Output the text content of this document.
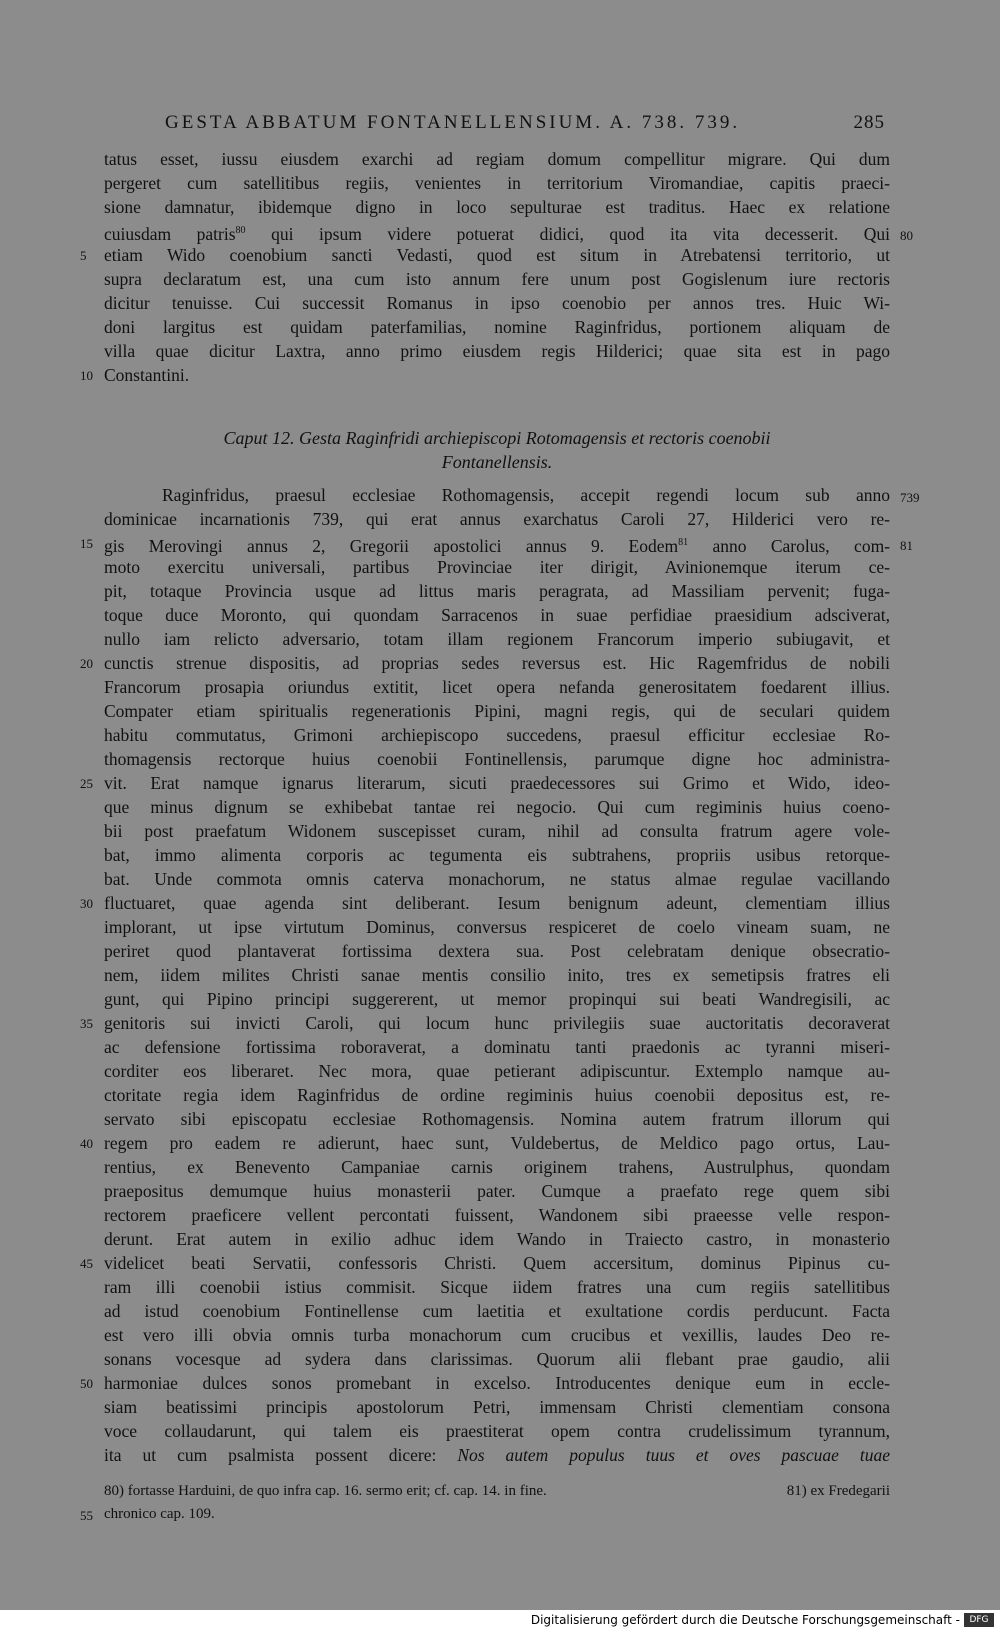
GESTA ABBATUM FONTANELLENSIUM. A. 738. 739.	285
tatus esset, iussu eiusdem exarchi ad regiam domum compellitur migrare. Qui dum
pergeret cum satellitibus regiis, venientes in territorium Viromandiae, capitis praeci-
sione damnatur, ibidemque digno in loco sepulturae est traditus. Haec ex relatione
cuiusdam patris$^{80}$ qui ipsum videre potuerat didici, quod ita vita decesserit. Qui
etiam Wido coenobium sancti Vedasti, quod est situm in Atrebatensi territorio, ut
supra declaratum est, una cum isto annum fere unum post Gogislenum iure rectoris
dicitur tenuisse. Cui successit Romanus in ipso coenobio per annos tres. Huic Wi-
doni largitus est quidam paterfamilias, nomine Raginfridus, portionem aliquam de
villa quae dicitur Laxtra, anno primo eiusdem regis Hilderici; quae sita est in pago
Constantini.
Caput 12. Gesta Raginfridi archiepiscopi Rotomagensis et rectoris coenobii
Fontanellensis.
Raginfridus, praesul ecclesiae Rothomagensis, accepit regendi locum sub anno
dominicae incarnationis 739, qui erat annus exarchatus Caroli 27, Hilderici vero re-
gis Merovingi annus 2, Gregorii apostolici annus 9. Eodem$^{81}$ anno Carolus, com-
moto exercitu universali, partibus Provinciae iter dirigit, Avinionemque iterum ce-
pit, totaque Provincia usque ad littus maris peragrata, ad Massiliam pervenit; fuga-
toque duce Moronto, qui quondam Sarracenos in suae perfidiae praesidium adsciverat,
nullo iam relicto adversario, totam illam regionem Francorum imperio subiugavit, et
cunctis strenue dispositis, ad proprias sedes reversus est. Hic Ragemfridus de nobili
Francorum prosapia oriundus extitit, licet opera nefanda generositatem foedarent illius.
Compater etiam spiritualis regenerationis Pipini, magni regis, qui de seculari quidem
habitu commutatus, Grimoni archiepiscopo succedens, praesul efficitur ecclesiae Ro-
thomagensis rectorque huius coenobii Fontinellensis, parumque digne hoc administra-
vit. Erat namque ignarus literarum, sicuti praedecessores sui Grimo et Wido, ideo-
que minus dignum se exhibebat tantae rei negocio. Qui cum regiminis huius coeno-
bii post praefatum Widonem suscepisset curam, nihil ad consulta fratrum agere vole-
bat, immo alimenta corporis ac tegumenta eis subtrahens, propriis usibus retorque-
bat. Unde commota omnis caterva monachorum, ne status almae regulae vacillando
fluctuaret, quae agenda sint deliberant. Iesum benignum adeunt, clementiam illius
implorant, ut ipse virtutum Dominus, conversus respiceret de coelo vineam suam, ne
periret quod plantaverat fortissima dextera sua. Post celebratam denique obsecratio-
nem, iidem milites Christi sanae mentis consilio inito, tres ex semetipsis fratres eli
gunt, qui Pipino principi suggererent, ut memor propinqui sui beati Wandregisili, ac
genitoris sui invicti Caroli, qui locum hunc privilegiis suae auctoritatis decoraverat
ac defensione fortissima roboraverat, a dominatu tanti praedonis ac tyranni miseri-
corditer eos liberaret. Nec mora, quae petierant adipiscuntur. Extemplo namque au-
ctoritate regia idem Raginfridus de ordine regiminis huius coenobii depositus est, re-
servato sibi episcopatu ecclesiae Rothomagensis. Nomina autem fratrum illorum qui
regem pro eadem re adierunt, haec sunt, Vuldebertus, de Meldico pago ortus, Lau-
rentius, ex Benevento Campaniae carnis originem trahens, Austrulphus, quondam
praepositus demumque huius monasterii pater. Cumque a praefato rege quem sibi
rectorem praeficere vellent percontati fuissent, Wandonem sibi praeesse velle respon-
derunt. Erat autem in exilio adhuc idem Wando in Traiecto castro, in monasterio
videlicet beati Servatii, confessoris Christi. Quem accersitum, dominus Pipinus cu-
ram illi coenobii istius commisit. Sicque iidem fratres una cum regiis satellitibus
ad istud coenobium Fontinellense cum laetitia et exultatione cordis perducunt. Facta
est vero illi obvia omnis turba monachorum cum crucibus et vexillis, laudes Deo re-
sonans vocesque ad sydera dans clarissimas. Quorum alii flebant prae gaudio, alii
harmoniae dulces sonos promebant in excelso. Introducentes denique eum in eccle-
siam beatissimi principis apostolorum Petri, immensam Christi clementiam consona
voce collaudarunt, qui talem eis praestiterat opem contra crudelissimum tyrannum,
ita ut cum psalmista possent dicere: Nos autem populus tuus et oves pascuae tuae
5
10
15
20
25
30
35
40
45
50
55
80
739
81
80) fortasse Harduini, de quo infra cap. 16. sermo erit; cf. cap. 14. in fine.	81) ex Fredegarii
chronico cap. 109.
Digitalisierung gefördert durch die Deutsche Forschungsgemeinschaft -	DFG
